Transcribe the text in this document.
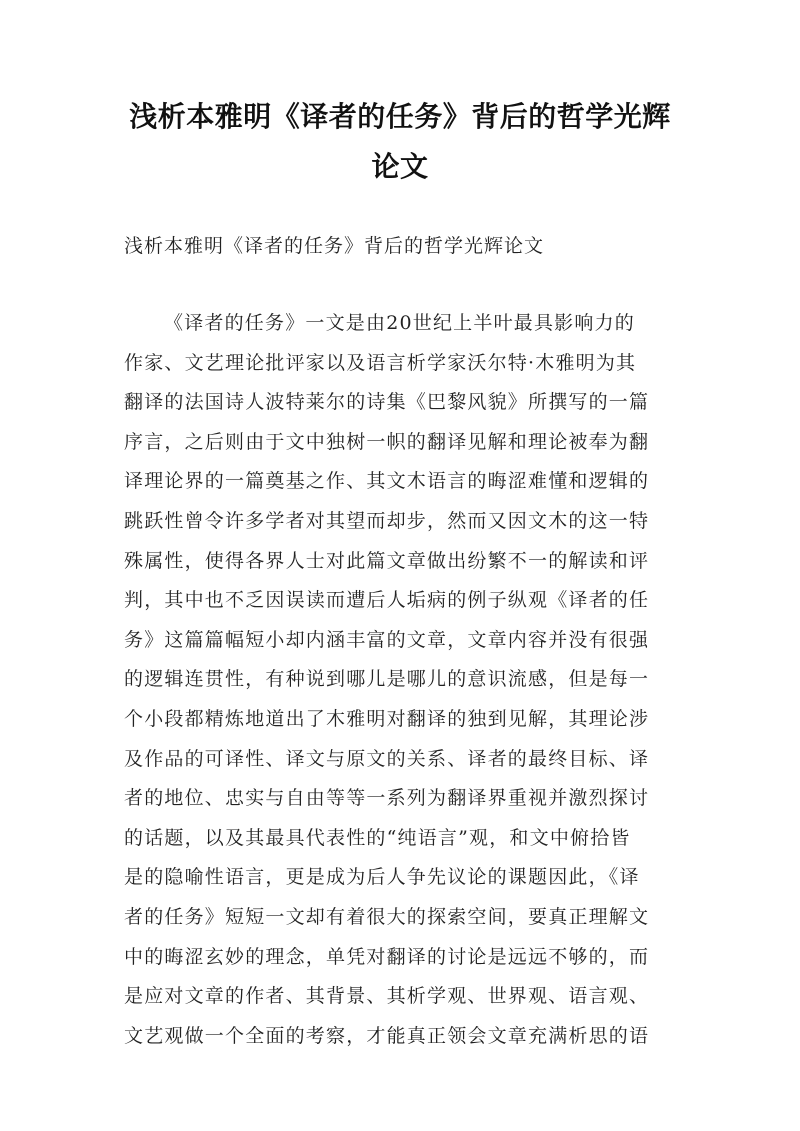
浅析本雅明《译者的任务》背后的哲学光辉
论文
浅析本雅明《译者的任务》背后的哲学光辉论文
《译者的任务》一文是由20世纪上半叶最具影响力的
作家、文艺理论批评家以及语言析学家沃尔特·木雅明为其
翻译的法国诗人波特莱尔的诗集《巴黎风貌》所撰写的一篇
序言，之后则由于文中独树一帜的翻译见解和理论被奉为翻
译理论界的一篇奠基之作、其文木语言的晦涩难懂和逻辑的
跳跃性曾令许多学者对其望而却步，然而又因文木的这一特
殊属性，使得各界人士对此篇文章做出纷繁不一的解读和评
判，其中也不乏因误读而遭后人垢病的例子纵观《译者的任
务》这篇篇幅短小却内涵丰富的文章，文章内容并没有很强
的逻辑连贯性，有种说到哪儿是哪儿的意识流感，但是每一
个小段都精炼地道出了木雅明对翻译的独到见解，其理论涉
及作品的可译性、译文与原文的关系、译者的最终目标、译
者的地位、忠实与自由等等一系列为翻译界重视并激烈探讨
的话题，以及其最具代表性的“纯语言”观，和文中俯拾皆
是的隐喻性语言，更是成为后人争先议论的课题因此，《译
者的任务》短短一文却有着很大的探索空间，要真正理解文
中的晦涩玄妙的理念，单凭对翻译的讨论是远远不够的，而
是应对文章的作者、其背景、其析学观、世界观、语言观、
文艺观做一个全面的考察，才能真正领会文章充满析思的语
